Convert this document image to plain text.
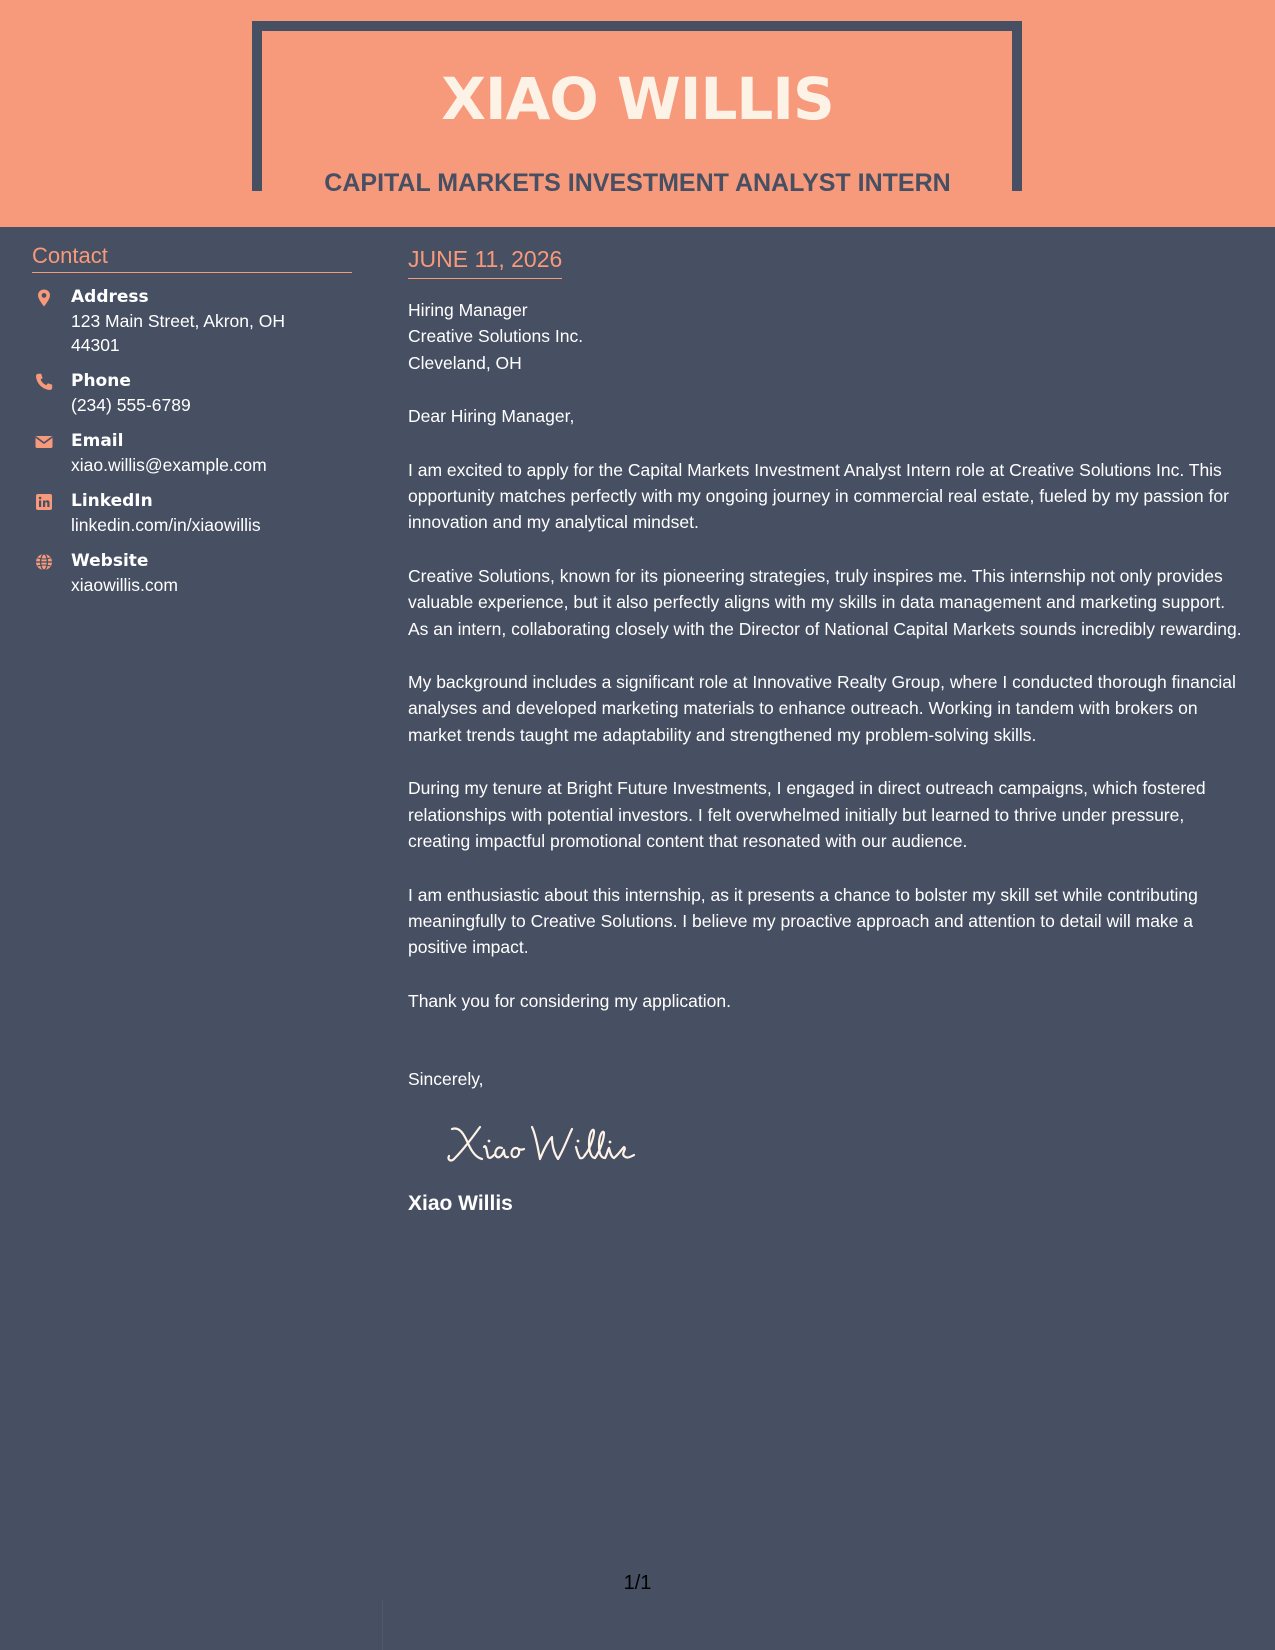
XIAO WILLIS
CAPITAL MARKETS INVESTMENT ANALYST INTERN
Contact
Address
123 Main Street, Akron, OH 44301
Phone
(234) 555-6789
Email
xiao.willis@example.com
LinkedIn
linkedin.com/in/xiaowillis
Website
xiaowillis.com
JUNE 11, 2026
Hiring Manager
Creative Solutions Inc.
Cleveland, OH
Dear Hiring Manager,
I am excited to apply for the Capital Markets Investment Analyst Intern role at Creative Solutions Inc. This opportunity matches perfectly with my ongoing journey in commercial real estate, fueled by my passion for innovation and my analytical mindset.
Creative Solutions, known for its pioneering strategies, truly inspires me. This internship not only provides valuable experience, but it also perfectly aligns with my skills in data management and marketing support. As an intern, collaborating closely with the Director of National Capital Markets sounds incredibly rewarding.
My background includes a significant role at Innovative Realty Group, where I conducted thorough financial analyses and developed marketing materials to enhance outreach. Working in tandem with brokers on market trends taught me adaptability and strengthened my problem-solving skills.
During my tenure at Bright Future Investments, I engaged in direct outreach campaigns, which fostered relationships with potential investors. I felt overwhelmed initially but learned to thrive under pressure, creating impactful promotional content that resonated with our audience.
I am enthusiastic about this internship, as it presents a chance to bolster my skill set while contributing meaningfully to Creative Solutions. I believe my proactive approach and attention to detail will make a positive impact.
Thank you for considering my application.
Sincerely,
Xiao Willis
1/1
